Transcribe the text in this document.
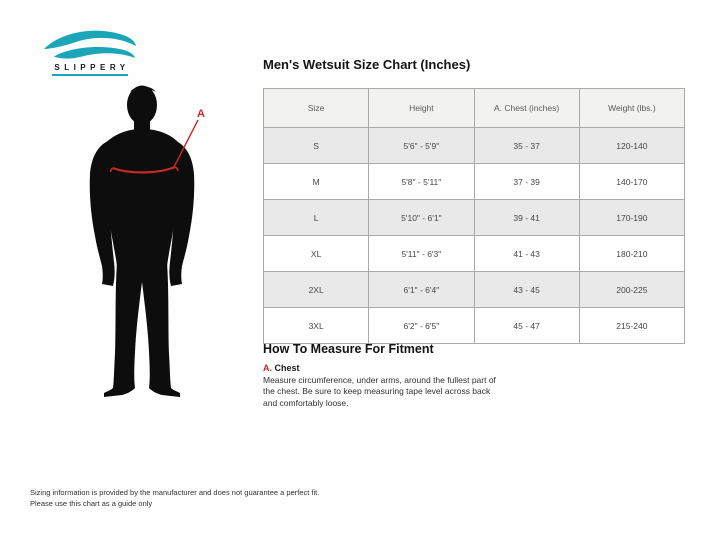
SLIPPERY
A
Men's Wetsuit Size Chart (Inches)
Size	Height	A. Chest (inches)	Weight (lbs.)
S	5'6" - 5'9"	35 - 37	120-140
M	5'8" - 5'11"	37 - 39	140-170
L	5'10" - 6'1"	39 - 41	170-190
XL	5'11" - 6'3"	41 - 43	180-210
2XL	6'1" - 6'4"	43 - 45	200-225
3XL	6'2" - 6'5"	45 - 47	215-240
How To Measure For Fitment
A. Chest

Measure circumference, under arms, around the fullest part of the chest. Be sure to keep measuring tape level across back and comfortably loose.

Sizing information is provided by the manufacturer and does not guarantee a perfect fit.
Please use this chart as a guide only
